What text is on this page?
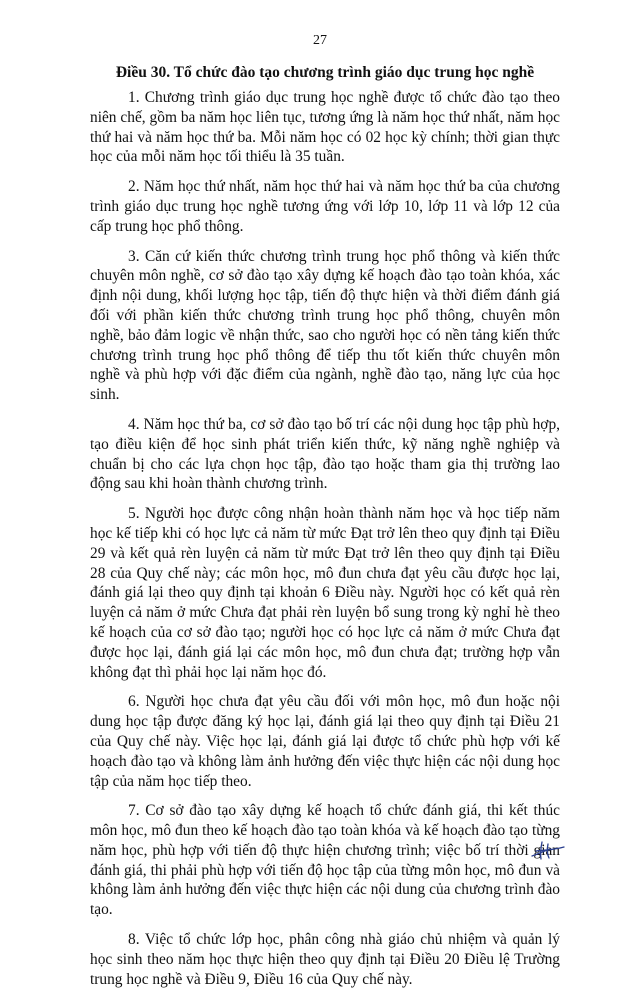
27
Điều 30. Tổ chức đào tạo chương trình giáo dục trung học nghề

1. Chương trình giáo dục trung học nghề được tổ chức đào tạo theo niên chế, gồm ba năm học liên tục, tương ứng là năm học thứ nhất, năm học thứ hai và năm học thứ ba. Mỗi năm học có 02 học kỳ chính; thời gian thực học của mỗi năm học tối thiểu là 35 tuần.

2. Năm học thứ nhất, năm học thứ hai và năm học thứ ba của chương trình giáo dục trung học nghề tương ứng với lớp 10, lớp 11 và lớp 12 của cấp trung học phổ thông.

3. Căn cứ kiến thức chương trình trung học phổ thông và kiến thức chuyên môn nghề, cơ sở đào tạo xây dựng kế hoạch đào tạo toàn khóa, xác định nội dung, khối lượng học tập, tiến độ thực hiện và thời điểm đánh giá đối với phần kiến thức chương trình trung học phổ thông, chuyên môn nghề, bảo đảm logic về nhận thức, sao cho người học có nền tảng kiến thức chương trình trung học phổ thông để tiếp thu tốt kiến thức chuyên môn nghề và phù hợp với đặc điểm của ngành, nghề đào tạo, năng lực của học sinh.

4. Năm học thứ ba, cơ sở đào tạo bố trí các nội dung học tập phù hợp, tạo điều kiện để học sinh phát triển kiến thức, kỹ năng nghề nghiệp và chuẩn bị cho các lựa chọn học tập, đào tạo hoặc tham gia thị trường lao động sau khi hoàn thành chương trình.

5. Người học được công nhận hoàn thành năm học và học tiếp năm học kế tiếp khi có học lực cả năm từ mức Đạt trở lên theo quy định tại Điều 29 và kết quả rèn luyện cả năm từ mức Đạt trở lên theo quy định tại Điều 28 của Quy chế này; các môn học, mô đun chưa đạt yêu cầu được học lại, đánh giá lại theo quy định tại khoản 6 Điều này. Người học có kết quả rèn luyện cả năm ở mức Chưa đạt phải rèn luyện bổ sung trong kỳ nghỉ hè theo kế hoạch của cơ sở đào tạo; người học có học lực cả năm ở mức Chưa đạt được học lại, đánh giá lại các môn học, mô đun chưa đạt; trường hợp vẫn không đạt thì phải học lại năm học đó.

6. Người học chưa đạt yêu cầu đối với môn học, mô đun hoặc nội dung học tập được đăng ký học lại, đánh giá lại theo quy định tại Điều 21 của Quy chế này. Việc học lại, đánh giá lại được tổ chức phù hợp với kế hoạch đào tạo và không làm ảnh hưởng đến việc thực hiện các nội dung học tập của năm học tiếp theo.

7. Cơ sở đào tạo xây dựng kế hoạch tổ chức đánh giá, thi kết thúc môn học, mô đun theo kế hoạch đào tạo toàn khóa và kế hoạch đào tạo từng năm học, phù hợp với tiến độ thực hiện chương trình; việc bố trí thời gian đánh giá, thi phải phù hợp với tiến độ học tập của từng môn học, mô đun và không làm ảnh hưởng đến việc thực hiện các nội dung của chương trình đào tạo.

8. Việc tổ chức lớp học, phân công nhà giáo chủ nhiệm và quản lý học sinh theo năm học thực hiện theo quy định tại Điều 20 Điều lệ Trường trung học nghề và Điều 9, Điều 16 của Quy chế này.
